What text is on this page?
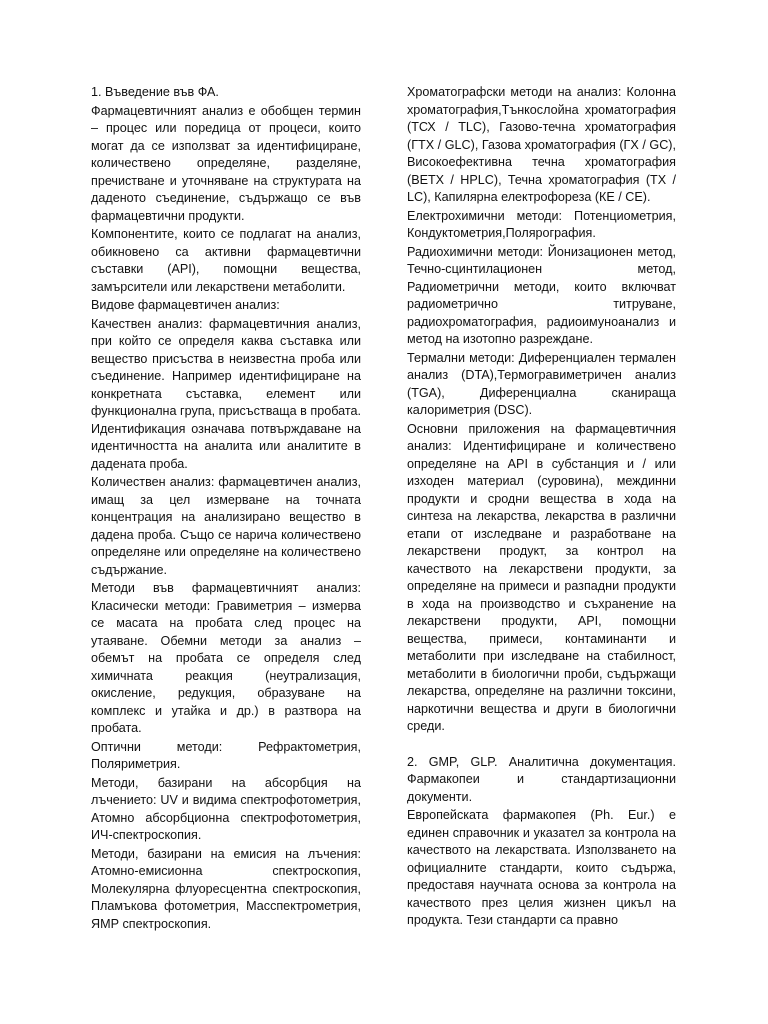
1. Въведение във ФА.

Фармацевтичният анализ е обобщен термин – процес или поредица от процеси, които могат да се използват за идентифициране, количествено определяне, разделяне, пречистване и уточняване на структурата на даденото съединение, съдържащо се във фармацевтични продукти.

Компонентите, които се подлагат на анализ, обикновено са активни фармацевтични съставки (API), помощни вещества, замърсители или лекарствени метаболити.

Видове фармацевтичен анализ:

Качествен анализ: фармацевтичния анализ, при който се определя каква съставка или вещество присъства в неизвестна проба или съединение. Например идентифициране на конкретната съставка, елемент или функционална група, присъстваща в пробата. Идентификация означава потвърждаване на идентичността на аналита или аналитите в дадената проба.

Количествен анализ: фармацевтичен анализ, имащ за цел измерване на точната концентрация на анализирано вещество в дадена проба. Също се нарича количествено определяне или определяне на количествено съдържание.

Методи във фармацевтичният анализ: Класически методи: Гравиметрия – измерва се масата на пробата след процес на утаяване. Обемни методи за анализ – обемът на пробата се определя след химичната реакция (неутрализация, окисление, редукция, образуване на комплекс и утайка и др.) в разтвора на пробата.

Оптични методи: Рефрактометрия, Поляриметрия.

Методи, базирани на абсорбция на лъчението: UV и видима спектрофотометрия, Атомно абсорбционна спектрофотометрия, ИЧ-спектроскопия.

Методи, базирани на емисия на лъчения: Атомно-емисионна спектроскопия, Молекулярна флуоресцентна спектроскопия, Пламъкова фотометрия, Масспектрометрия, ЯМР спектроскопия.

Хроматографски методи на анализ: Колонна хроматография,Тънкослойна хроматография (ТСХ / TLC), Газово-течна хроматография (ГТХ / GLC), Газова хроматография (ГХ / GC), Високоефективна течна хроматография (ВЕТХ / HPLC), Течна хроматография (ТХ / LC), Капилярна електрофореза (КЕ / CE).

Електрохимични методи: Потенциометрия, Кондуктометрия,Полярография.

Радиохимични методи: Йонизационен метод, Течно-сцинтилационен метод, Радиометрични методи, които включват радиометрично титруване, радиохроматография, радиоимуноанализ и метод на изотопно разреждане.

Термални методи: Диференциален термален анализ (DTA),Термогравиметричен анализ (TGA), Диференциална сканираща калориметрия (DSC).

Основни приложения на фармацевтичния анализ: Идентифициране и количествено определяне на API в субстанция и / или изходен материал (суровина), междинни продукти и сродни вещества в хода на синтеза на лекарства, лекарства в различни етапи от изследване и разработване на лекарствени продукт, за контрол на качеството на лекарствени продукти, за определяне на примеси и разпадни продукти в хода на производство и съхранение на лекарствени продукти, API, помощни вещества, примеси, контаминанти и метаболити при изследване на стабилност, метаболити в биологични проби, съдържащи лекарства, определяне на различни токсини, наркотични вещества и други в биологични среди.

2. GMP, GLP. Аналитична документация. Фармакопеи и стандартизационни документи.

Европейската фармакопея (Ph. Eur.) е единен справочник и указател за контрола на качеството на лекарствата. Използването на официалните стандарти, които съдържа, предоставя научната основа за контрола на качеството през целия жизнен цикъл на продукта. Тези стандарти са правно
